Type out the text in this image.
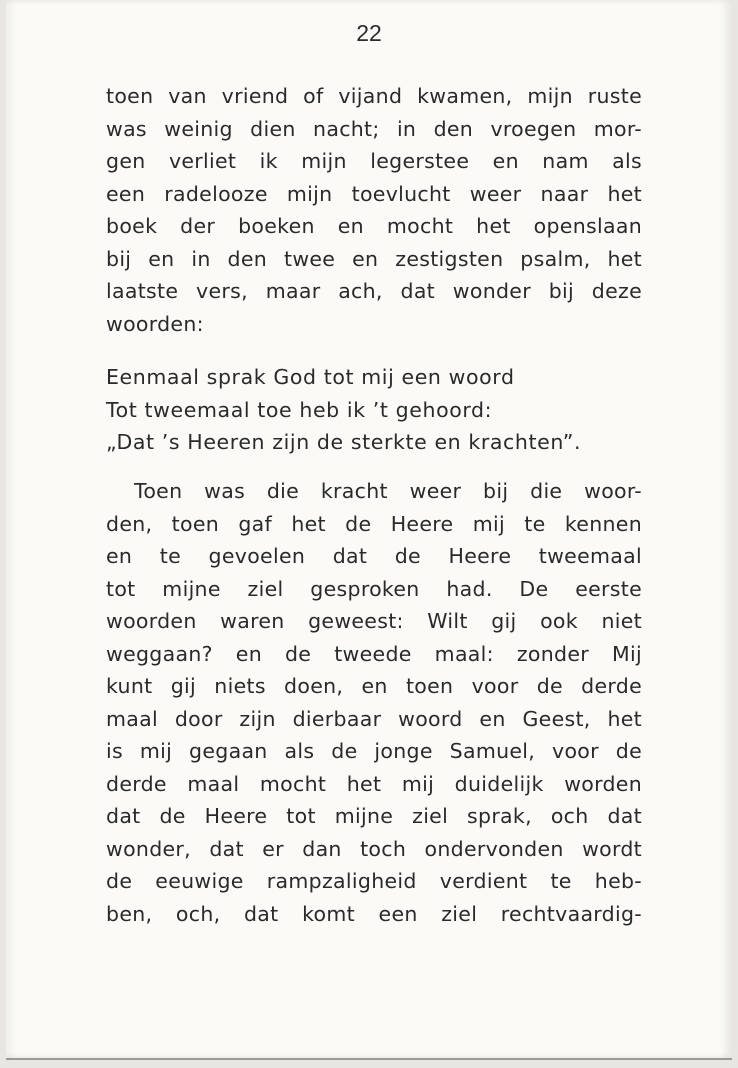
22
toen van vriend of vijand kwamen, mijn ruste
was weinig dien nacht; in den vroegen mor-
gen verliet ik mijn legerstee en nam als
een radelooze mijn toevlucht weer naar het
boek der boeken en mocht het openslaan
bij en in den twee en zestigsten psalm, het
laatste vers, maar ach, dat wonder bij deze
woorden:
Eenmaal sprak God tot mij een woord
Tot tweemaal toe heb ik ’t gehoord:
„Dat ’s Heeren zijn de sterkte en krachten”.
Toen was die kracht weer bij die woor-
den, toen gaf het de Heere mij te kennen
en te gevoelen dat de Heere tweemaal
tot mijne ziel gesproken had. De eerste
woorden waren geweest: Wilt gij ook niet
weggaan? en de tweede maal: zonder Mij
kunt gij niets doen, en toen voor de derde
maal door zijn dierbaar woord en Geest, het
is mij gegaan als de jonge Samuel, voor de
derde maal mocht het mij duidelijk worden
dat de Heere tot mijne ziel sprak, och dat
wonder, dat er dan toch ondervonden wordt
de eeuwige rampzaligheid verdient te heb-
ben, och, dat komt een ziel rechtvaardig-
